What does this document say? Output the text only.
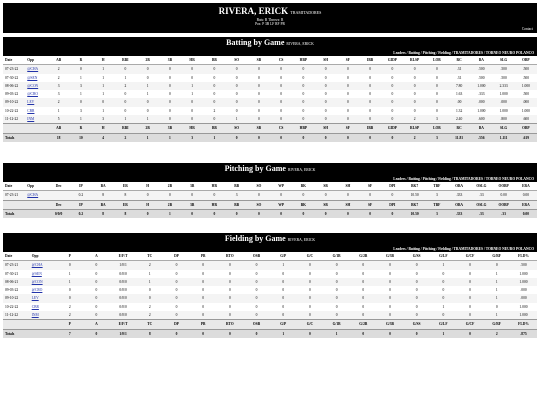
RIVERA, ERICK TRAMITADORES
Bats: R Throws: R
Pos: P 3B LF RF PR
Contact
Batting by Game RIVERA, ERICK
Leaders / Batting / Pitching / Fielding / TRAMITADORES / TORNEO NEURO POLANCO
Date	Opp	AB	R	H	RBI	2B	3B	HR	BB	SO	SB	CS	HBP	SH	SF	IBB	GIDP	RLSP	LOB	RC	BA	SLG	OBP
07-23-22	@CHA	2	0	1	0	0	0	0	0	0	0	0	0	0	0	0	0	0	0	.31	.500	.500	.500
07-30-22	@SEN	2	1	1	1	0	0	0	0	0	0	0	0	0	0	0	0	0	0	.31	.500	.500	.500
08-06-22	@CON	3	3	1	2	1	0	1	0	0	0	0	0	0	0	0	0	0	0	7.80	1.000	2.333	1.000
09-03-22	@CRO	3	1	1	0	1	0	1	0	0	0	0	0	0	0	0	0	0	0	1.63	.333	1.000	.500
09-10-22	LEV	2	0	0	0	0	0	0	0	0	0	0	0	0	0	0	0	0	0	.00	.000	.000	.000
10-22-22	CBR	1	3	1	0	0	0	0	2	0	0	0	0	0	0	0	0	0	0	1.32	1.000	1.000	1.000
11-12-22	INM	5	1	3	1	1	0	0	0	1	0	0	0	0	0	0	0	2	3	2.40	.600	.800	.600
		AB	R	H	RBI	2B	3B	HR	BB	SO	SB	CS	HBP	SH	SF	IBB	GIDP	RLSP	LOB	RC	BA	SLG	OBP
Totals		18	10	4	2	1	1	3	1	0	0	0	0	0	0	0	0	2	3	11.81	.556	1.111	.619
Pitching by Game RIVERA, ERICK
Leaders / Batting / Pitching / Fielding / TRAMITADORES / TORNEO NEURO POLANCO
Date	Opp	Dec	IP	BA	ER	H	2B	3B	HR	BB	SO	WP	BK	SB	SH	SF	DPI	BK7	TBF	OBA	OSLG	OOBP	ERA
07-23-21	@CHA		0.2	8	8	0	0	0	0	3	0	0	0	0	0	0	0	10.50	3	.333	.33	0.00	0.00
		Dec	IP	BA	ER	H	2B	3B	HR	BB	SO	WP	BK	SB	SH	SF	DPI	BK7	TBF	OBA	OSLG	OOBP	ERA
Totals		0/0/0	0.2	8	8	0	1	0	0	0	0	0	0	0	0	0	0	10.50	3	.333	.33	.33	0.00
Fielding by Game RIVERA, ERICK
Leaders / Batting / Pitching / Fielding / TRAMITADORES / TORNEO NEURO POLANCO
Date	Opp	P	A	E/F/T	TC	DP	PB	RTO	OSB	G/P	G/C	G/1B	G/2B	G/3B	G/SS	G/LF	G/CF	G/RF	FLD%
07-23-21	@CHA	0	0	1/0/1	2	0	0	0	0	1	0	0	0	0	0	1	0	0	.500
07-30-21	@SEN	1	0	0/0/0	1	0	0	0	0	0	0	0	0	0	0	0	0	1	1.000
08-06-21	@CON	1	0	0/0/0	1	0	0	0	0	0	0	0	0	0	0	0	0	1	1.000
09-03-22	@CRO	0	0	0/0/0	0	0	0	0	0	0	0	0	0	0	0	0	0	1	.000
09-10-22	LEV	0	0	0/0/0	0	0	0	0	0	0	0	0	0	0	0	0	0	1	.000
10-22-22	CBR	2	0	0/0/0	2	0	0	0	0	0	0	0	0	0	0	1	0	0	1.000
11-12-22	INM	2	0	0/0/0	2	0	0	0	0	0	0	0	0	0	0	0	0	1	1.000
		P	A	E/F/T	TC	DP	PB	RTO	OSB	G/P	G/C	G/1B	G/2B	G/3B	G/SS	G/LF	G/CF	G/RF	FLD%
Totals		7	0	1/0/1	8	0	0	0	0	1	0	1	0	0	0	1	0	2	.875
